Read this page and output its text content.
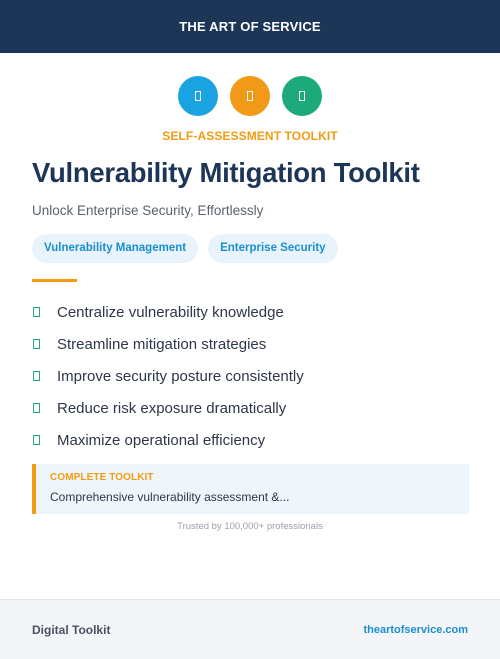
THE ART OF SERVICE
SELF-ASSESSMENT TOOLKIT
Vulnerability Mitigation Toolkit
Unlock Enterprise Security, Effortlessly
Vulnerability Management	Enterprise Security
Centralize vulnerability knowledge
Streamline mitigation strategies
Improve security posture consistently
Reduce risk exposure dramatically
Maximize operational efficiency
COMPLETE TOOLKIT
Comprehensive vulnerability assessment &...
Trusted by 100,000+ professionals
Digital Toolkit	theartofservice.com
